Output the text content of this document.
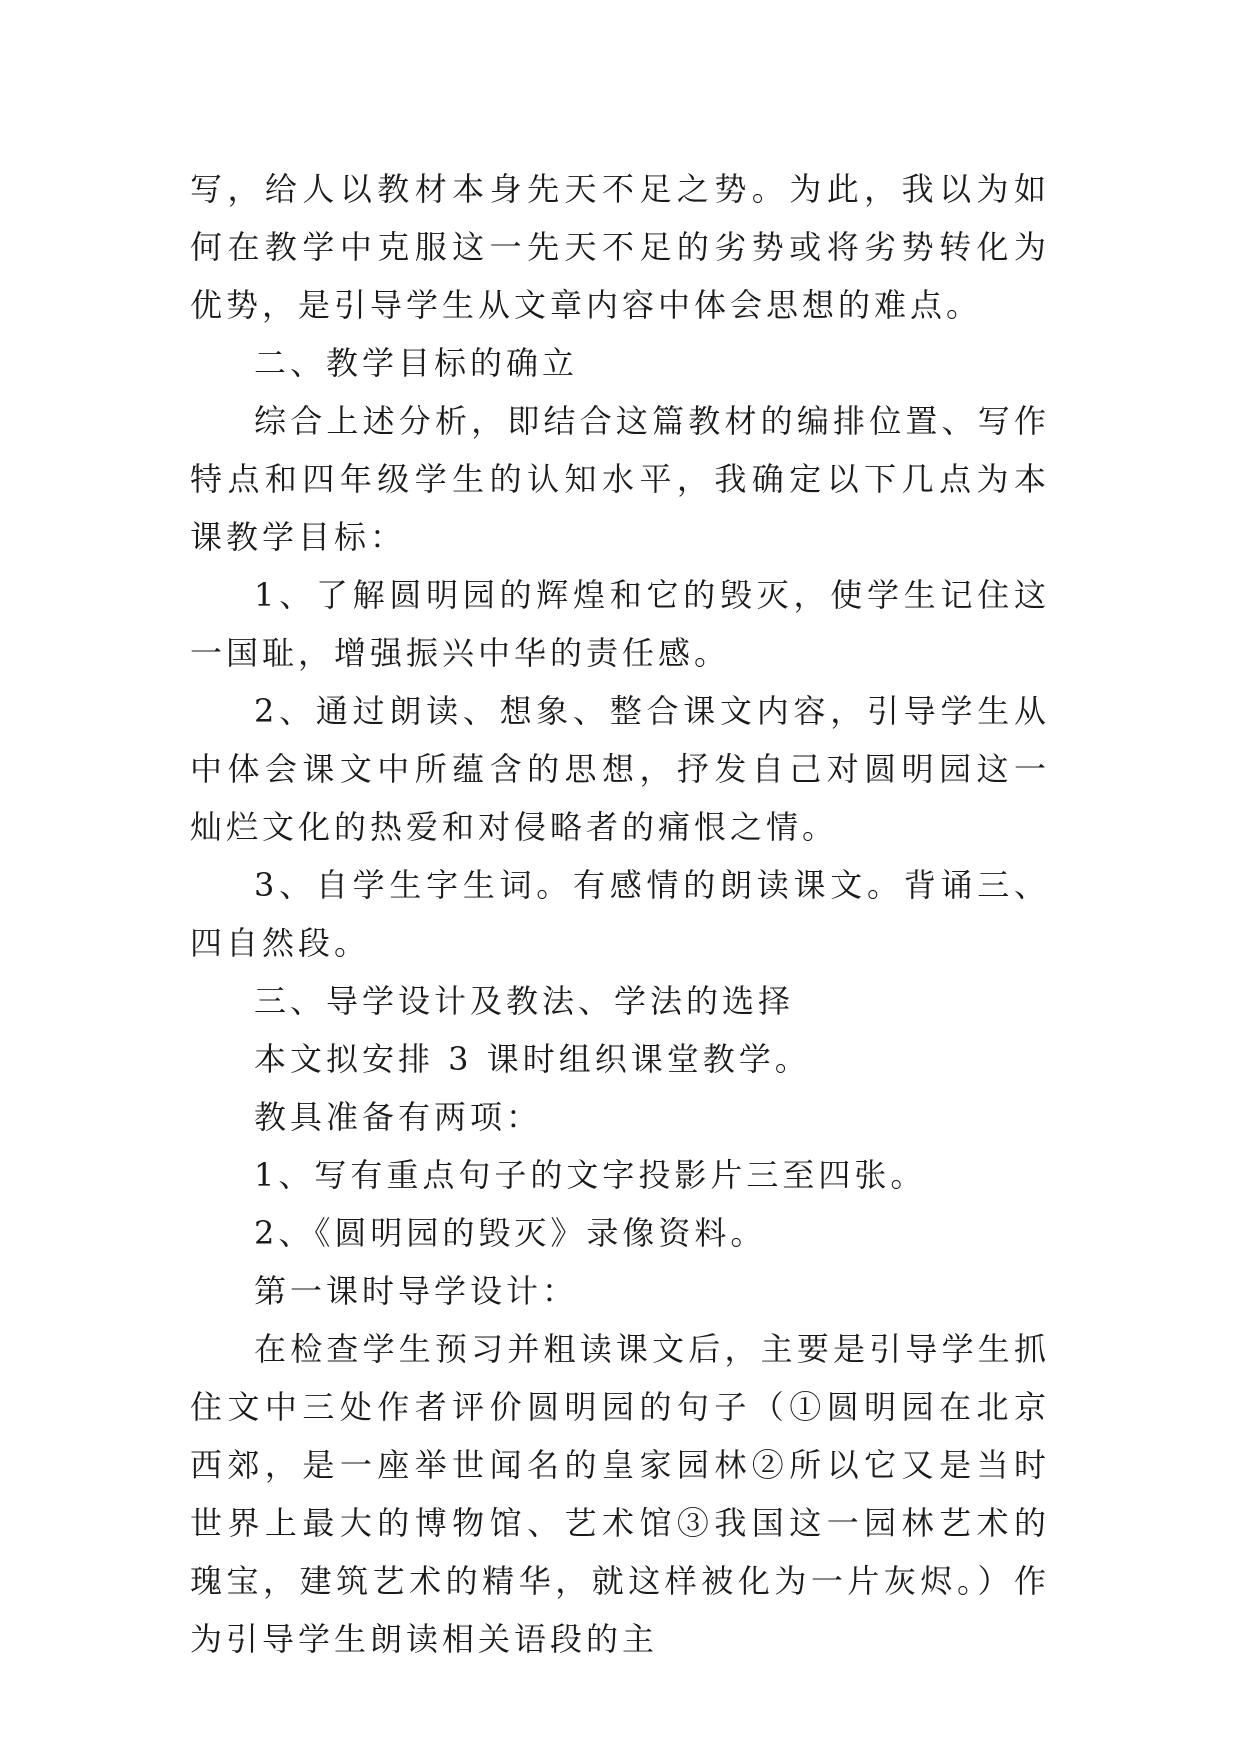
写，给人以教材本身先天不足之势。为此，我以为如何在教学中克服这一先天不足的劣势或将劣势转化为优势，是引导学生从文章内容中体会思想的难点。

二、教学目标的确立

综合上述分析，即结合这篇教材的编排位置、写作特点和四年级学生的认知水平，我确定以下几点为本课教学目标：

1、了解圆明园的辉煌和它的毁灭，使学生记住这一国耻，增强振兴中华的责任感。

2、通过朗读、想象、整合课文内容，引导学生从中体会课文中所蕴含的思想，抒发自己对圆明园这一灿烂文化的热爱和对侵略者的痛恨之情。

3、自学生字生词。有感情的朗读课文。背诵三、四自然段。

三、导学设计及教法、学法的选择

本文拟安排 3 课时组织课堂教学。

教具准备有两项：

1、写有重点句子的文字投影片三至四张。

2、《圆明园的毁灭》录像资料。

第一课时导学设计：

在检查学生预习并粗读课文后，主要是引导学生抓住文中三处作者评价圆明园的句子（①圆明园在北京西郊，是一座举世闻名的皇家园林②所以它又是当时世界上最大的博物馆、艺术馆③我国这一园林艺术的瑰宝，建筑艺术的精华，就这样被化为一片灰烬。）作为引导学生朗读相关语段的主
